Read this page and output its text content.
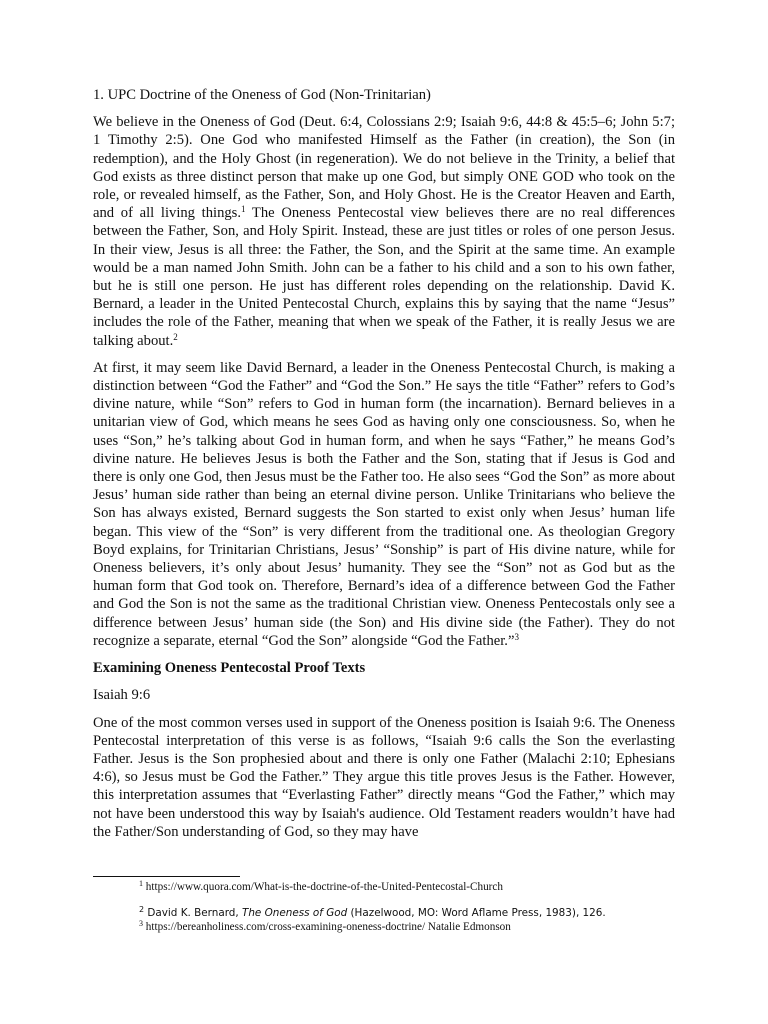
1. UPC Doctrine of the Oneness of God (Non-Trinitarian)

We believe in the Oneness of God (Deut. 6:4, Colossians 2:9; Isaiah 9:6, 44:8 & 45:5–6; John 5:7; 1 Timothy 2:5). One God who manifested Himself as the Father (in creation), the Son (in redemption), and the Holy Ghost (in regeneration). We do not believe in the Trinity, a belief that God exists as three distinct person that make up one God, but simply ONE GOD who took on the role, or revealed himself, as the Father, Son, and Holy Ghost. He is the Creator Heaven and Earth, and of all living things.$^1$ The Oneness Pentecostal view believes there are no real differences between the Father, Son, and Holy Spirit. Instead, these are just titles or roles of one person Jesus. In their view, Jesus is all three: the Father, the Son, and the Spirit at the same time. An example would be a man named John Smith. John can be a father to his child and a son to his own father, but he is still one person. He just has different roles depending on the relationship. David K. Bernard, a leader in the United Pentecostal Church, explains this by saying that the name “Jesus” includes the role of the Father, meaning that when we speak of the Father, it is really Jesus we are talking about.$^2$

At first, it may seem like David Bernard, a leader in the Oneness Pentecostal Church, is making a distinction between “God the Father” and “God the Son.” He says the title “Father” refers to God’s divine nature, while “Son” refers to God in human form (the incarnation). Bernard believes in a unitarian view of God, which means he sees God as having only one consciousness. So, when he uses “Son,” he’s talking about God in human form, and when he says “Father,” he means God’s divine nature. He believes Jesus is both the Father and the Son, stating that if Jesus is God and there is only one God, then Jesus must be the Father too. He also sees “God the Son” as more about Jesus’ human side rather than being an eternal divine person. Unlike Trinitarians who believe the Son has always existed, Bernard suggests the Son started to exist only when Jesus’ human life began. This view of the “Son” is very different from the traditional one. As theologian Gregory Boyd explains, for Trinitarian Christians, Jesus’ “Sonship” is part of His divine nature, while for Oneness believers, it’s only about Jesus’ humanity. They see the “Son” not as God but as the human form that God took on. Therefore, Bernard’s idea of a difference between God the Father and God the Son is not the same as the traditional Christian view. Oneness Pentecostals only see a difference between Jesus’ human side (the Son) and His divine side (the Father). They do not recognize a separate, eternal “God the Son” alongside “God the Father.”$^3$

Examining Oneness Pentecostal Proof Texts

Isaiah 9:6

One of the most common verses used in support of the Oneness position is Isaiah 9:6. The Oneness Pentecostal interpretation of this verse is as follows, “Isaiah 9:6 calls the Son the everlasting Father. Jesus is the Son prophesied about and there is only one Father (Malachi 2:10; Ephesians 4:6), so Jesus must be God the Father.” They argue this title proves Jesus is the Father. However, this interpretation assumes that “Everlasting Father” directly means “God the Father,” which may not have been understood this way by Isaiah's audience. Old Testament readers wouldn’t have had the Father/Son understanding of God, so they may have

$^1$ https://www.quora.com/What-is-the-doctrine-of-the-United-Pentecostal-Church
$^2$ David K. Bernard, The Oneness of God (Hazelwood, MO: Word Aflame Press, 1983), 126.
$^3$ https://bereanholiness.com/cross-examining-oneness-doctrine/ Natalie Edmonson
